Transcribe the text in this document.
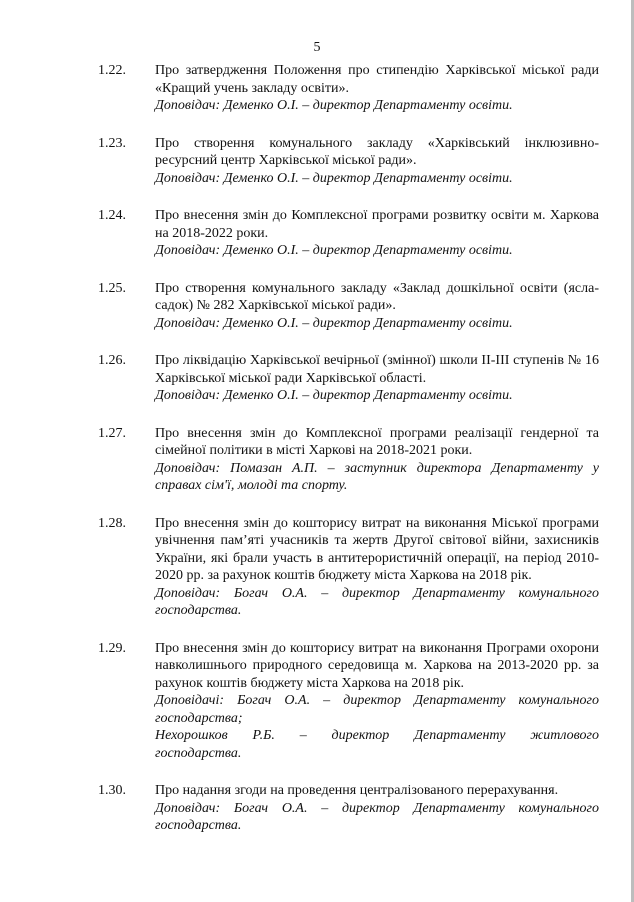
5
1.22. Про затвердження Положення про стипендію Харківської міської ради «Кращий учень закладу освіти».
Доповідач: Деменко О.І. – директор Департаменту освіти.
1.23. Про створення комунального закладу «Харківський інклюзивно-ресурсний центр Харківської міської ради».
Доповідач: Деменко О.І. – директор Департаменту освіти.
1.24. Про внесення змін до Комплексної програми розвитку освіти м. Харкова на 2018-2022 роки.
Доповідач: Деменко О.І. – директор Департаменту освіти.
1.25. Про створення комунального закладу «Заклад дошкільної освіти (ясла-садок) № 282 Харківської міської ради».
Доповідач: Деменко О.І. – директор Департаменту освіти.
1.26. Про ліквідацію Харківської вечірньої (змінної) школи ІІ-ІІІ ступенів № 16 Харківської міської ради Харківської області.
Доповідач: Деменко О.І. – директор Департаменту освіти.
1.27. Про внесення змін до Комплексної програми реалізації гендерної та сімейної політики в місті Харкові на 2018-2021 роки.
Доповідач: Помазан А.П. – заступник директора Департаменту у справах сім'ї, молоді та спорту.
1.28. Про внесення змін до кошторису витрат на виконання Міської програми увічнення пам’яті учасників та жертв Другої світової війни, захисників України, які брали участь в антитерористичній операції, на період 2010-2020 рр. за рахунок коштів бюджету міста Харкова на 2018 рік.
Доповідач: Богач О.А. – директор Департаменту комунального господарства.
1.29. Про внесення змін до кошторису витрат на виконання Програми охорони навколишнього природного середовища м. Харкова на 2013-2020 рр. за рахунок коштів бюджету міста Харкова на 2018 рік.
Доповідачі: Богач О.А. – директор Департаменту комунального господарства;
Нехорошков Р.Б. – директор Департаменту житлового
господарства.
1.30. Про надання згоди на проведення централізованого перерахування.
Доповідач: Богач О.А. – директор Департаменту комунального господарства.
